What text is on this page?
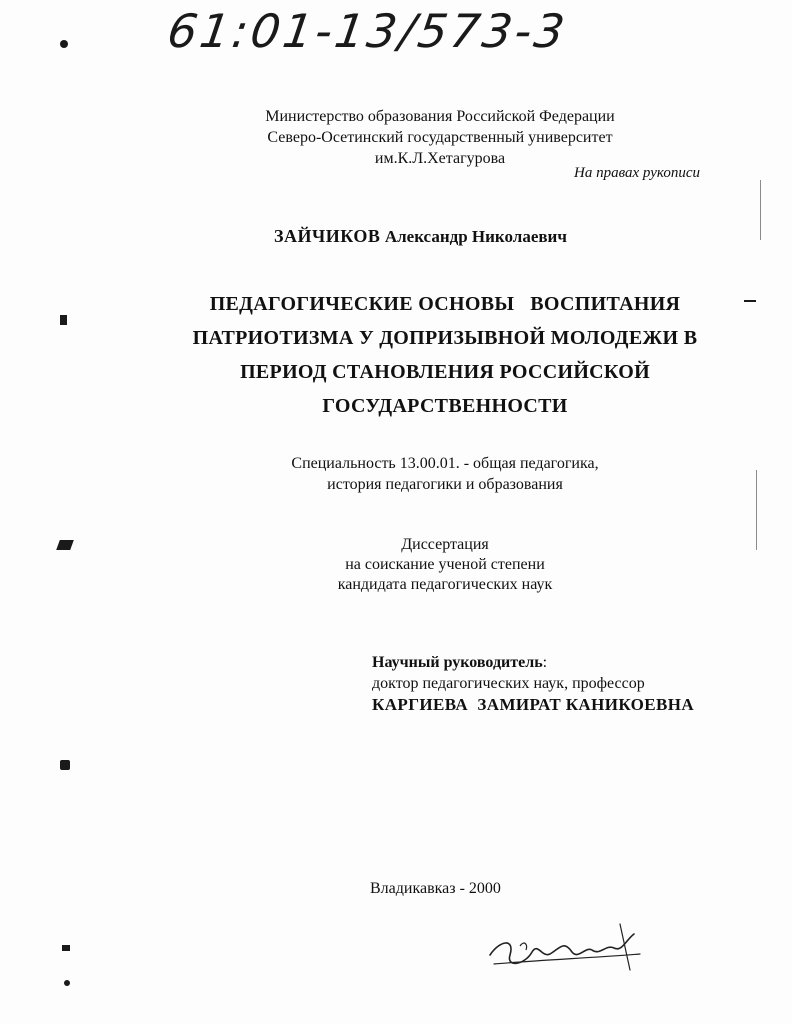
61:01-13/573-3
Министерство образования Российской Федерации
Северо-Осетинский государственный университет
им.К.Л.Хетагурова
На правах рукописи
ЗАЙЧИКОВ Александр Николаевич
ПЕДАГОГИЧЕСКИЕ ОСНОВЫ   ВОСПИТАНИЯ
ПАТРИОТИЗМА У ДОПРИЗЫВНОЙ МОЛОДЕЖИ В
ПЕРИОД СТАНОВЛЕНИЯ РОССИЙСКОЙ
ГОСУДАРСТВЕННОСТИ
Специальность 13.00.01. - общая педагогика,
история педагогики и образования
Диссертация
на соискание ученой степени
кандидата педагогических наук
Научный руководитель:
доктор педагогических наук, профессор
КАРГИЕВА  ЗАМИРАТ КАНИКОЕВНА
Владикавказ - 2000
